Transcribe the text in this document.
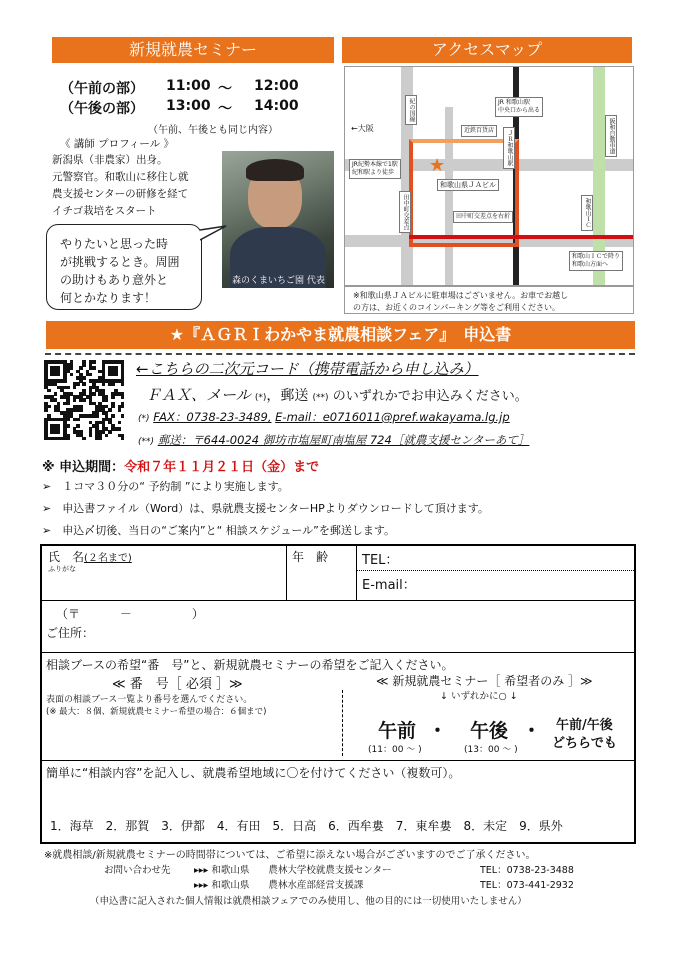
新規就農セミナー
（午前の部） 11:00 ～ 12:00
（午後の部） 13:00 ～ 14:00
（午前、午後とも同じ内容）
《 講師 プロフィール 》
新潟県（非農家）出身。
元警察官。和歌山に移住し就
農支援センターの研修を経て
イチゴ栽培をスタート
森のくまいちご園 代表
やりたいと思った時
が挑戦するとき。周囲
の助けもあり意外と
何とかなります！
アクセスマップ
★
JR 和歌山駅
中央口から出る
ＪＲ和歌山駅
紀の国線
阪和自動車道
近鉄百貨店
和歌山県ＪＡビル
田中町交差点を右折
田中町交差点	和歌山ＩＣ
和歌山ＩＣで降り
和歌山方面へ
JR紀勢本線で1駅
紀和駅より徒歩
←大阪
※和歌山県ＪＡビルに駐車場はございません。お車でお越し
の方は、お近くのコインパーキング等をご利用ください。
★『ＡＧＲＩわかやま就農相談フェア』　申込書
←こちらの二次元コード（携帯電話から申し込み）
ＦＡＸ、メール (*)，郵送 (**) のいずれかでお申込みください。
(*) FAX：0738-23-3489, E-mail：e0716011@pref.wakayama.lg.jp
(**) 郵送：〒644-0024 御坊市塩屋町南塩屋 724［就農支援センターあて］
※ 申込期間：令和７年１１月２１日（金）まで
➢　１コマ３０分の“ 予約制 ”により実施します。
➢　申込書ファイル（Word）は、県就農支援センターHPよりダウンロードして頂けます。
➢　申込〆切後、当日の“ご案内”と“ 相談スケジュール”を郵送します。
氏　名(２名まで)
ふりがな
年　齢	TEL：
E-mail：
（〒　　　 －　　　　　）
ご住所：
相談ブースの希望“番　号”と、新規就農セミナーの希望をご記入ください。
≪ 番　号［ 必須 ］≫
表面の相談ブース一覧より番号を選んでください。
(※ 最大：８個、新規就農セミナー希望の場合：６個まで)
≪ 新規就農セミナー［ 希望者のみ ］≫
↓ いずれかに○ ↓
午前 ・ 午後 ・ 午前/午後
どちらでも
(11：00 ～ )	(13：00 ～ )
簡単に“相談内容”を記入し、就農希望地域に〇を付けてください（複数可）。
1．海草　2．那賀　3．伊都　4．有田　5．日高　6．西牟婁　7．東牟婁　8．未定　9．県外
※就農相談/新規就農セミナーの時間帯については、ご希望に添えない場合がございますのでご了承ください。
お問い合わせ先 ▸▸▸ 和歌山県　　農林大学校就農支援センター	TEL：0738-23-3488
▸▸▸ 和歌山県　　農林水産部経営支援課	TEL：073-441-2932
（申込書に記入された個人情報は就農相談フェアでのみ使用し、他の目的には一切使用いたしません）
